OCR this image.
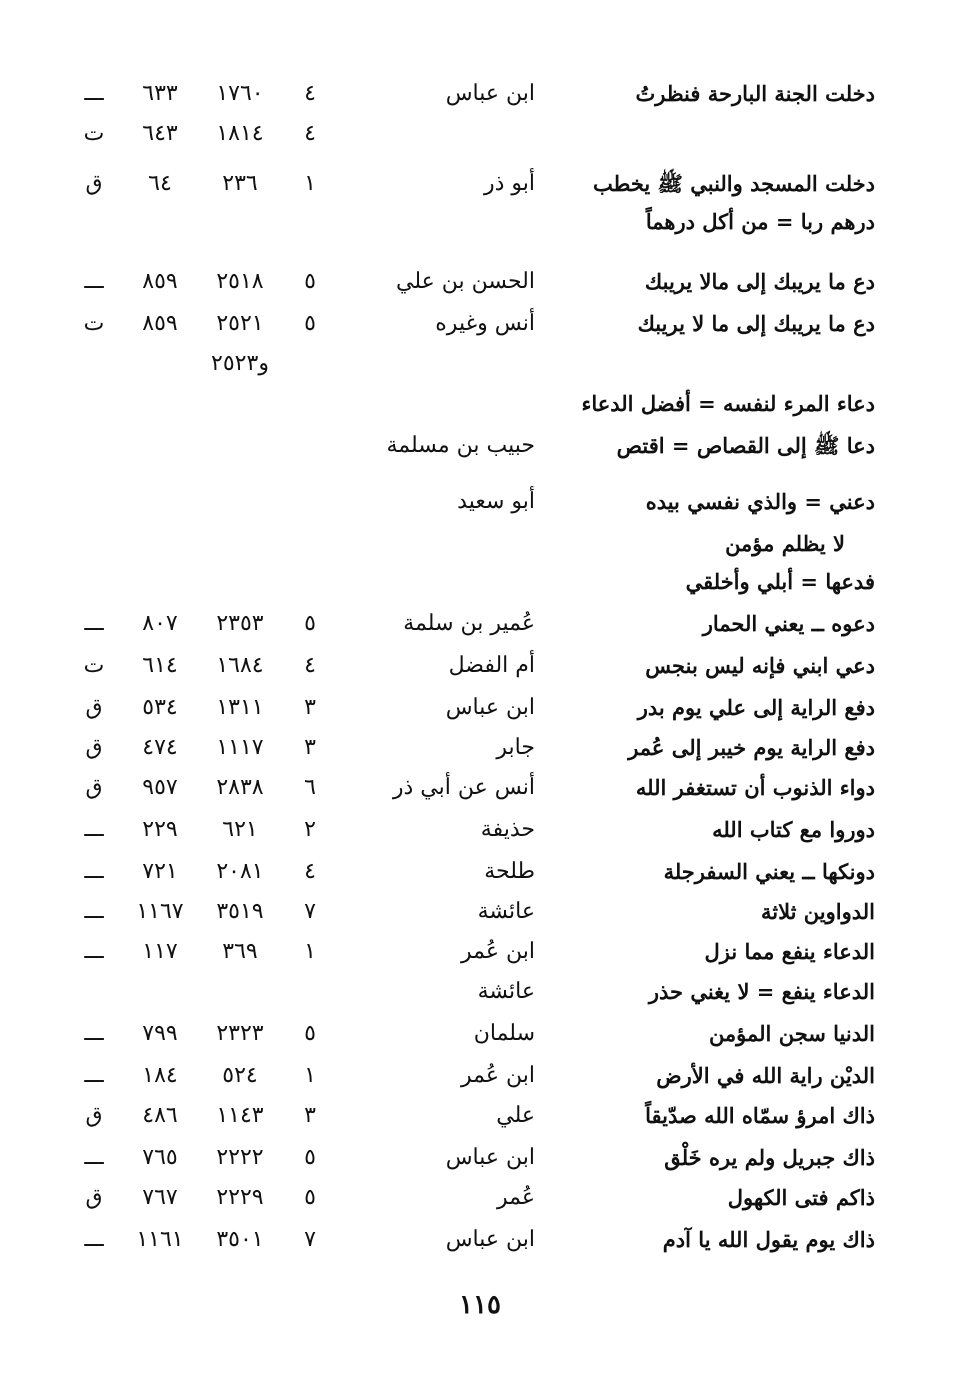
دخلت الجنة البارحة فنظرتُ
ابن عباس
٤
١٧٦٠
٦٣٣
ـــ
٤
١٨١٤
٦٤٣
ت
دخلت المسجد والنبي ﷺ يخطب
أبو ذر
١
٢٣٦
٦٤
ق
درهم ربا = من أكل درهماً
دع ما يريبك إلى مالا يريبك
الحسن بن علي
٥
٢٥١٨
٨٥٩
ـــ
دع ما يريبك إلى ما لا يريبك
أنس وغيره
٥
٢٥٢١
٨٥٩
ت
و٢٥٢٣
دعاء المرء لنفسه = أفضل الدعاء
دعا ﷺ إلى القصاص = اقتص
حبيب بن مسلمة
دعني = والذي نفسي بيده
أبو سعيد
لا يظلم مؤمن
فدعها = أبلي وأخلقي
دعوه ــ يعني الحمار
عُمير بن سلمة
٥
٢٣٥٣
٨٠٧
ـــ
دعي ابني فإنه ليس بنجس
أم الفضل
٤
١٦٨٤
٦١٤
ت
دفع الراية إلى علي يوم بدر
ابن عباس
٣
١٣١١
٥٣٤
ق
دفع الراية يوم خيبر إلى عُمر
جابر
٣
١١١٧
٤٧٤
ق
دواء الذنوب أن تستغفر الله
أنس عن أبي ذر
٦
٢٨٣٨
٩٥٧
ق
دوروا مع كتاب الله
حذيفة
٢
٦٢١
٢٢٩
ـــ
دونكها ــ يعني السفرجلة
طلحة
٤
٢٠٨١
٧٢١
ـــ
الدواوين ثلاثة
عائشة
٧
٣٥١٩
١١٦٧
ـــ
الدعاء ينفع مما نزل
ابن عُمر
١
٣٦٩
١١٧
ـــ
الدعاء ينفع = لا يغني حذر
عائشة
الدنيا سجن المؤمن
سلمان
٥
٢٣٢٣
٧٩٩
ـــ
الديْن راية الله في الأرض
ابن عُمر
١
٥٢٤
١٨٤
ـــ
ذاك امرؤ سمّاه الله صدّيقاً
علي
٣
١١٤٣
٤٨٦
ق
ذاك جبريل ولم يره خَلْق
ابن عباس
٥
٢٢٢٢
٧٦٥
ـــ
ذاكم فتى الكهول
عُمر
٥
٢٢٢٩
٧٦٧
ق
ذاك يوم يقول الله يا آدم
ابن عباس
٧
٣٥٠١
١١٦١
ـــ
١١٥
